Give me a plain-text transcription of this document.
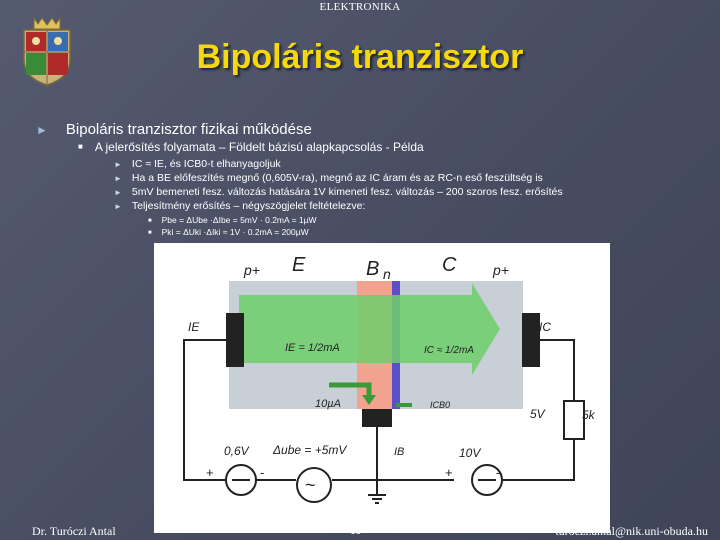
ELEKTRONIKA
Bipoláris tranzisztor
► Bipoláris tranzisztor fizikai működése
■ A jelerősítés folyamata – Földelt bázisú alapkapcsolás - Példa
► IC ≈ IE, és ICB0-t elhanyagoljuk
► Ha a BE előfeszítés megnő (0,605V-ra), megnő az IC áram és az RC-n eső feszültség is
► 5mV bemeneti fesz. változás hatására 1V kimeneti fesz. változás – 200 szoros fesz. erősítés
► Teljesítmény erősítés – négyszögjelet feltételezve:
■ Pbe = ΔUbe ·ΔIbe = 5mV · 0.2mA = 1µW
■ Pki = ΔUki ·ΔIki ≈ 1V · 0.2mA = 200µW
p+ E	B n	C	p+
IE	IC
IE = 1/2mA	IC ≈ 1/2mA
10µA	ICB0
5V	5k
0,6V Δube = +5mV	IB	10V
+	-	+	-
~
Dr. Turóczi Antal	68	turoczi.antal@nik.uni-obuda.hu
